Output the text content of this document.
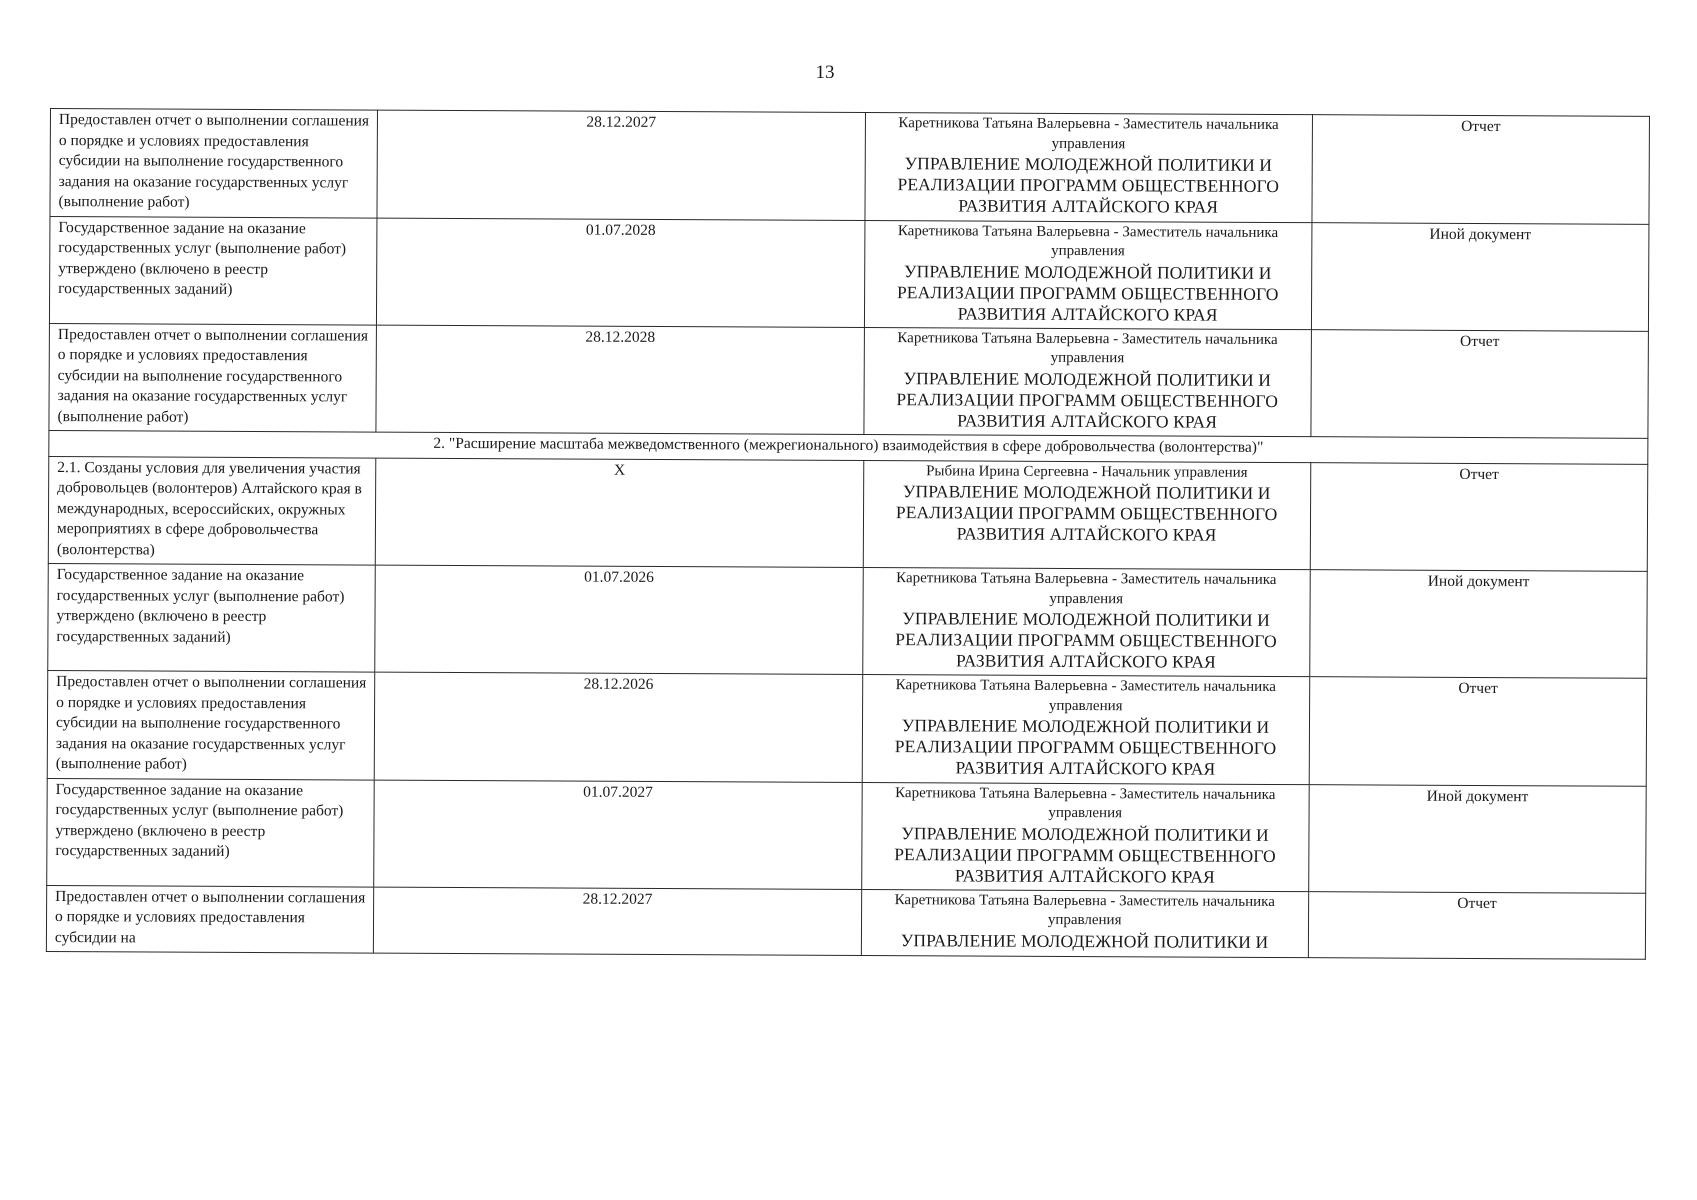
13
Предоставлен отчет о выполнении соглашения о порядке и условиях предоставления субсидии на выполнение государственного задания на оказание государственных услуг (выполнение работ)	28.12.2027	Каретникова Татьяна Валерьевна - Заместитель начальника управления
УПРАВЛЕНИЕ МОЛОДЕЖНОЙ ПОЛИТИКИ И РЕАЛИЗАЦИИ ПРОГРАММ ОБЩЕСТВЕННОГО РАЗВИТИЯ АЛТАЙСКОГО КРАЯ	Отчет
Государственное задание на оказание государственных услуг (выполнение работ) утверждено (включено в реестр государственных заданий)	01.07.2028	Каретникова Татьяна Валерьевна - Заместитель начальника управления
УПРАВЛЕНИЕ МОЛОДЕЖНОЙ ПОЛИТИКИ И РЕАЛИЗАЦИИ ПРОГРАММ ОБЩЕСТВЕННОГО РАЗВИТИЯ АЛТАЙСКОГО КРАЯ	Иной документ
Предоставлен отчет о выполнении соглашения о порядке и условиях предоставления субсидии на выполнение государственного задания на оказание государственных услуг (выполнение работ)	28.12.2028	Каретникова Татьяна Валерьевна - Заместитель начальника управления
УПРАВЛЕНИЕ МОЛОДЕЖНОЙ ПОЛИТИКИ И РЕАЛИЗАЦИИ ПРОГРАММ ОБЩЕСТВЕННОГО РАЗВИТИЯ АЛТАЙСКОГО КРАЯ	Отчет
2. "Расширение масштаба межведомственного (межрегионального) взаимодействия в сфере добровольчества (волонтерства)"			
2.1. Созданы условия для увеличения участия добровольцев (волонтеров) Алтайского края в международных, всероссийских, окружных мероприятиях в сфере добровольчества (волонтерства)	X	Рыбина Ирина Сергеевна - Начальник управления
УПРАВЛЕНИЕ МОЛОДЕЖНОЙ ПОЛИТИКИ И РЕАЛИЗАЦИИ ПРОГРАММ ОБЩЕСТВЕННОГО РАЗВИТИЯ АЛТАЙСКОГО КРАЯ	Отчет
Государственное задание на оказание государственных услуг (выполнение работ) утверждено (включено в реестр государственных заданий)	01.07.2026	Каретникова Татьяна Валерьевна - Заместитель начальника управления
УПРАВЛЕНИЕ МОЛОДЕЖНОЙ ПОЛИТИКИ И РЕАЛИЗАЦИИ ПРОГРАММ ОБЩЕСТВЕННОГО РАЗВИТИЯ АЛТАЙСКОГО КРАЯ	Иной документ
Предоставлен отчет о выполнении соглашения о порядке и условиях предоставления субсидии на выполнение государственного задания на оказание государственных услуг (выполнение работ)	28.12.2026	Каретникова Татьяна Валерьевна - Заместитель начальника управления
УПРАВЛЕНИЕ МОЛОДЕЖНОЙ ПОЛИТИКИ И РЕАЛИЗАЦИИ ПРОГРАММ ОБЩЕСТВЕННОГО РАЗВИТИЯ АЛТАЙСКОГО КРАЯ	Отчет
Государственное задание на оказание государственных услуг (выполнение работ) утверждено (включено в реестр государственных заданий)	01.07.2027	Каретникова Татьяна Валерьевна - Заместитель начальника управления
УПРАВЛЕНИЕ МОЛОДЕЖНОЙ ПОЛИТИКИ И РЕАЛИЗАЦИИ ПРОГРАММ ОБЩЕСТВЕННОГО РАЗВИТИЯ АЛТАЙСКОГО КРАЯ	Иной документ
Предоставлен отчет о выполнении соглашения о порядке и условиях предоставления субсидии на	28.12.2027	Каретникова Татьяна Валерьевна - Заместитель начальника управления
УПРАВЛЕНИЕ МОЛОДЕЖНОЙ ПОЛИТИКИ И	Отчет
